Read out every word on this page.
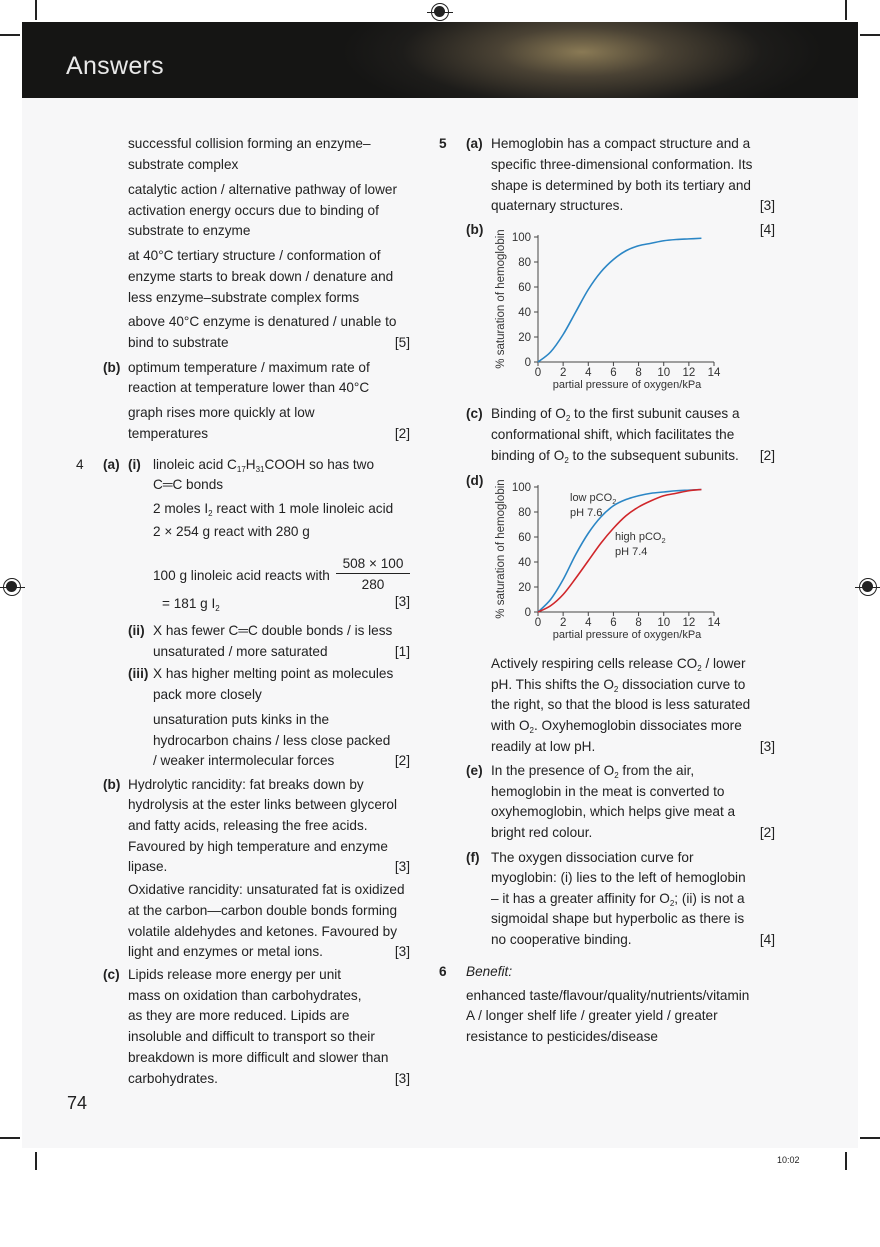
Answers

successful collision forming an enzyme–

substrate complex

catalytic action / alternative pathway of lower

activation energy occurs due to binding of

substrate to enzyme

at 40°C tertiary structure / conformation of

enzyme starts to break down / denature and

less enzyme–substrate complex forms

above 40°C enzyme is denatured / unable to

bind to substrate	[5]

(b) optimum temperature / maximum rate of

reaction at temperature lower than 40°C

graph rises more quickly at low

temperatures	[2]

4 (a) (i) linoleic acid $C_{17}H_{31}COOH$ so has two

C═C bonds

2 moles $I_2$ react with 1 mole linoleic acid

2 × 254 g react with 280 g

508 × 100

280

100 g linoleic acid reacts with

= 181 g $I_2$	[3]

(ii) X has fewer C═C double bonds / is less

unsaturated / more saturated	[1]

(iii) X has higher melting point as molecules

pack more closely

unsaturation puts kinks in the

hydrocarbon chains / less close packed

/ weaker intermolecular forces	[2]

(b) Hydrolytic rancidity: fat breaks down by

hydrolysis at the ester links between glycerol

and fatty acids, releasing the free acids.

Favoured by high temperature and enzyme

lipase.	[3]

Oxidative rancidity: unsaturated fat is oxidized

at the carbon—carbon double bonds forming

volatile aldehydes and ketones. Favoured by

light and enzymes or metal ions.	[3]

(c) Lipids release more energy per unit

mass on oxidation than carbohydrates,

as they are more reduced. Lipids are

insoluble and difficult to transport so their

breakdown is more difficult and slower than

carbohydrates.	[3]

5 (a) Hemoglobin has a compact structure and a

specific three-dimensional conformation. Its

shape is determined by both its tertiary and

quaternary structures.	[3]

(b)	[4]

(c) Binding of $O_2$ to the first subunit causes a

conformational shift, which facilitates the

binding of $O_2$ to the subsequent subunits.	[2]

(d)

Actively respiring cells release $CO_2$ / lower

pH. This shifts the $O_2$ dissociation curve to

the right, so that the blood is less saturated

with $O_2$. Oxyhemoglobin dissociates more

readily at low pH.	[3]

(e) In the presence of $O_2$ from the air,

hemoglobin in the meat is converted to

oxyhemoglobin, which helps give meat a

bright red colour.	[2]

(f) The oxygen dissociation curve for

myoglobin: (i) lies to the left of hemoglobin

– it has a greater affinity for $O_2$; (ii) is not a

sigmoidal shape but hyperbolic as there is

no cooperative binding.	[4]

6 Benefit:

enhanced taste/flavour/quality/nutrients/vitamin

A / longer shelf life / greater yield / greater

resistance to pesticides/disease

% saturation of hemoglobin
partial pressure of oxygen/kPa
0
20
40
60
80
100
0 2 4 6 8 10 12 14
% saturation of hemoglobin
partial pressure of oxygen/kPa
low pCO$_2$
pH 7.6
high pCO$_2$
pH 7.4
0
20
40
60
80
100
0 2 4 6 8 10 12 14
74
10:02
